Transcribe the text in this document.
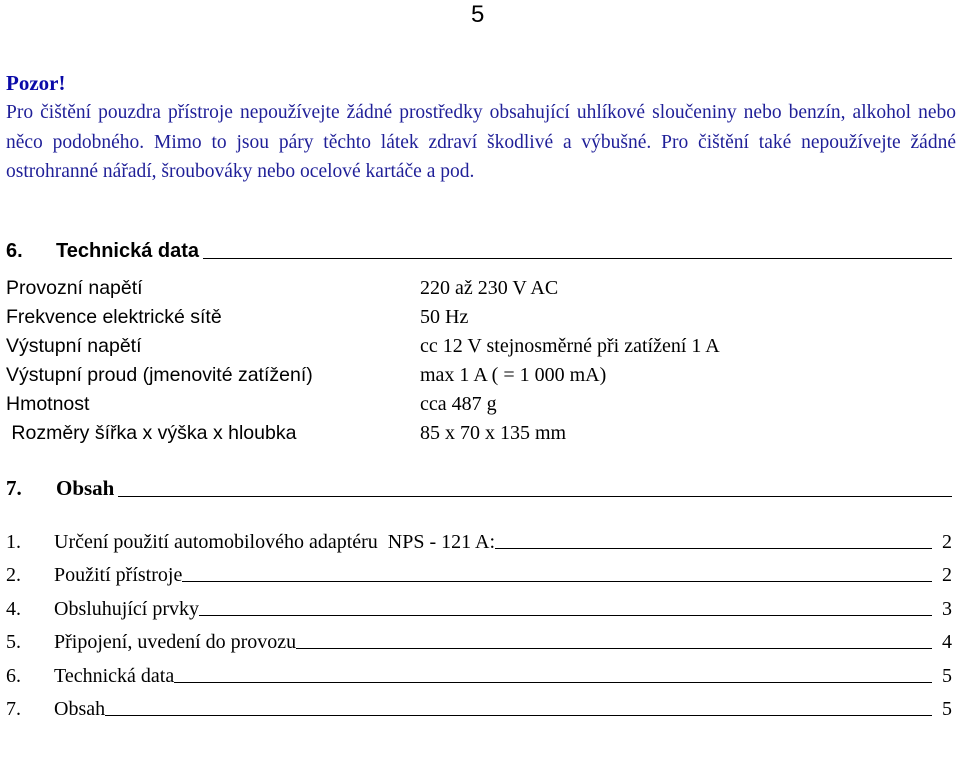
5
Pozor!

Pro čištění pouzdra přístroje nepoužívejte žádné prostředky obsahující uhlíkové sloučeniny nebo benzín, alkohol nebo něco podobného. Mimo to jsou páry těchto látek zdraví škodlivé a výbušné. Pro čištění také nepoužívejte žádné ostrohranné nářadí, šroubováky nebo ocelové kartáče a pod.

6.	Technická data
Provozní napětí	220 až 230 V AC
Frekvence elektrické sítě	50 Hz
Výstupní napětí	cc 12 V stejnosměrné při zatížení 1 A
Výstupní proud (jmenovité zatížení)	max 1 A ( = 1 000 mA)
Hmotnost	cca 487 g
Rozměry šířka x výška x hloubka	85 x 70 x 135 mm
7.	Obsah
1.	Určení použití automobilového adaptéru  NPS - 121 A:	2
2.	Použití přístroje	2
4.	Obsluhující prvky	3
5.	Připojení, uvedení do provozu	4
6.	Technická data	5
7.	Obsah	5
